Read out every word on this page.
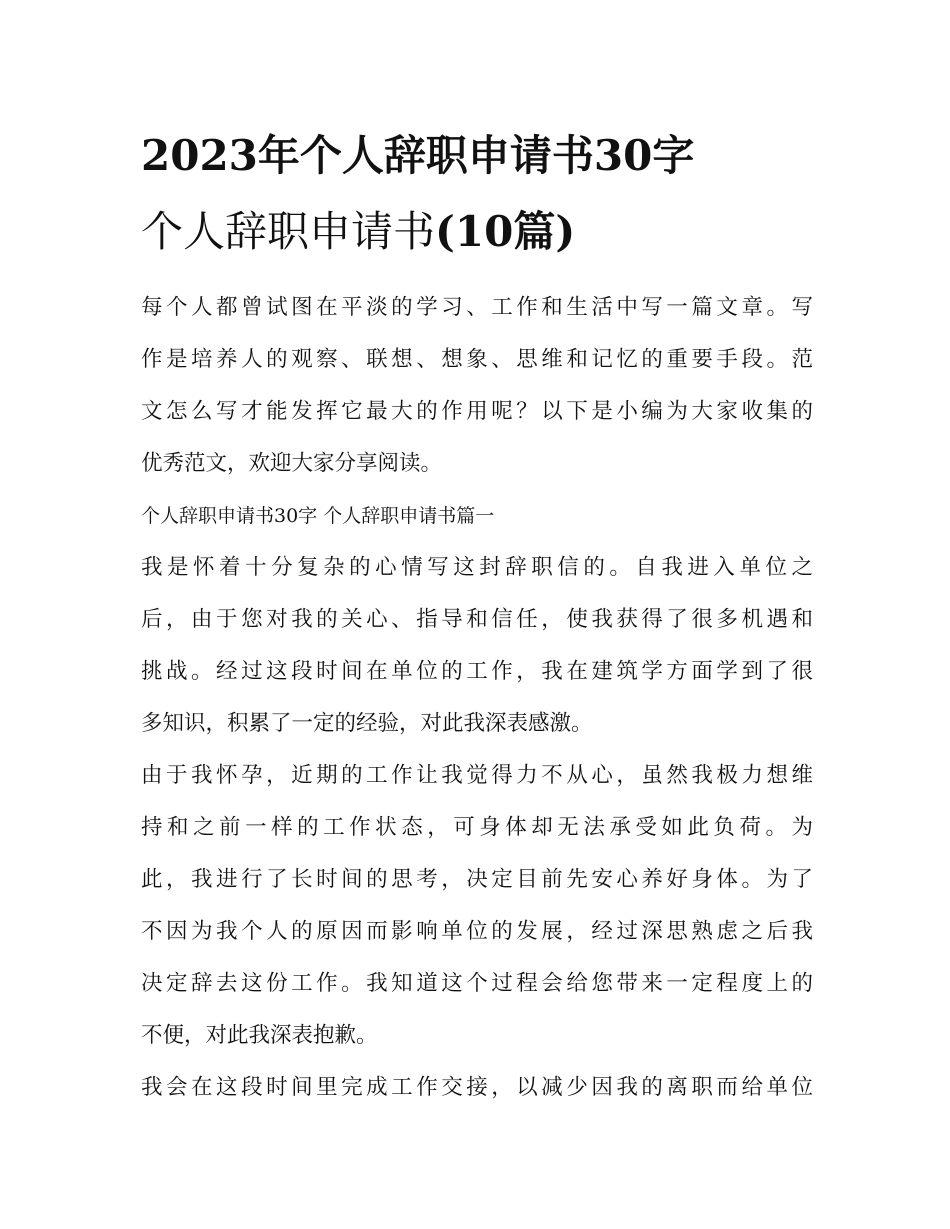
2023年个人辞职申请书30字
个人辞职申请书(10篇)

每个人都曾试图在平淡的学习、工作和生活中写一篇文章。写
作是培养人的观察、联想、想象、思维和记忆的重要手段。范
文怎么写才能发挥它最大的作用呢？以下是小编为大家收集的
优秀范文，欢迎大家分享阅读。

个人辞职申请书30字 个人辞职申请书篇一

我是怀着十分复杂的心情写这封辞职信的。自我进入单位之
后，由于您对我的关心、指导和信任，使我获得了很多机遇和
挑战。经过这段时间在单位的工作，我在建筑学方面学到了很
多知识，积累了一定的经验，对此我深表感激。

由于我怀孕，近期的工作让我觉得力不从心，虽然我极力想维
持和之前一样的工作状态，可身体却无法承受如此负荷。为
此，我进行了长时间的思考，决定目前先安心养好身体。为了
不因为我个人的原因而影响单位的发展，经过深思熟虑之后我
决定辞去这份工作。我知道这个过程会给您带来一定程度上的
不便，对此我深表抱歉。

我会在这段时间里完成工作交接，以减少因我的离职而给单位
